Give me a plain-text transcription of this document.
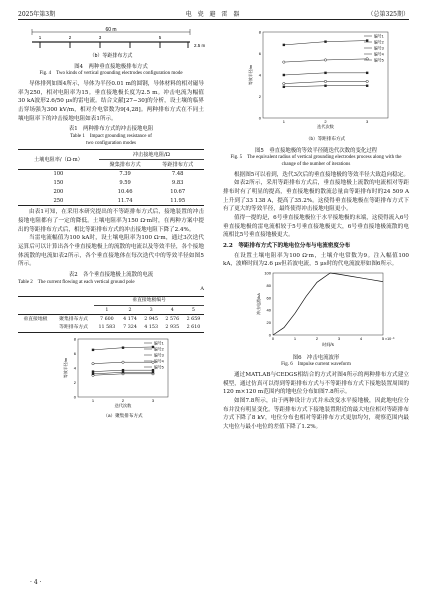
2025年第3期	电 瓷 避 雷 器	（总第325期）
60 m
1	2	3	5
2.5 m
（b）等距排布方式
图4　两种垂直接地极排布方式
Fig. 4　Two kinds of vertical grounding electrodes configuration mode

导体排列如图4所示，导体为半径0.01 m的圆钢，导体材料的相对磁导率为250，相对电阻率为15。垂直接地极长度为2.5 m。冲击电流为幅值30 kA波形2.6/50 μs的雷电流。结合文献[27−30]的分析，设土壤的临界击穿场强为300 kV/m，相对介电常数为9[4,28]。两种排布方式在不同土壤电阻率下的冲击接地电阻如表1所示。

表1　两种排布方式的冲击接地电阻
Table 1　Impact grounding resistance of
two configuration modes
土壤电阻率/（Ω·m）	冲击接地电阻/Ω	
	聚集排布方式	等距排布方式
100	7.39	7.48
150	9.59	9.83
200	10.46	10.67
250	11.74	11.95

由表1可知，在采用本研究提出的不等距排布方式后，接地装置的冲击接地电阻都有了一定的降低。土壤电阻率为150 Ω·m时，在两种方案中提出的等距排布方式后，相比等距排布方式的冲击接地电阻下降了2.4%。

当雷电流幅值为100 kA时，设土壤电阻率为100 Ω·m，通过3次迭代运算后可以计算出各个垂直接地极上的流散的电流以及等效半径，各个接地体流散的电流如表2所示，各个垂直接地体在每次迭代中的等效半径如图5所示。

表2　各个垂直接地极上流散的电流
Table 2　The current flowing at each vertical ground pole
A
		垂直接地极编号				
		1	2	3	4	5
垂直接地极	聚集排布方式	7 600	4 174	2 945	2 576	2 659
	等距排布方式	11 583	7 324	4 153	2 935	2 610
0
2
4
6
8
1	2	3
等效半径/m
迭代次数
编号1
编号2
编号3
编号4
编号5
（a）聚集排布方式
0
2
4
6
8
1	2	3
等效半径/m
迭代次数
编号1
编号2
编号3
编号4
编号5
（b）等距排布方式
图5　垂直接地极的等效半径随迭代次数的变化过程
Fig. 5　The equivalent radius of vertical grounding electrodes process along with the change of the number of iterations

根据图5可以看到，迭代3次后的垂直接地极的等效半径大致趋向稳定。

如表2所示，采用等距排布方式后，垂直接地极上流散的电流相对等距排布时有了明显的提高，垂直接地极的散流总量由等距排布时的24 509 A上升到了33 138 A，提高了35.2%。这使得垂直接地极在等距排布方式下有了更大的等效半径，最终使得冲击接地电阻更小。

值得一提的是，6号垂直接地极位于水平接地极的末端，这使得流入6号垂直接地极的雷电流相较于5号垂直接地极更大，6号垂直接地极流散的电流相比5号垂直接地极更大。

2.2　等距排布方式下的地电位分布与电流密度分布

在设置土壤电阻率为100 Ω·m，土壤介电常数为9。注入幅值100 kA，波峰时间为2.6 μs但若波电流，5 μs时的代电流波形如图6所示。

0
20
40
60
80
100
0	1	2	3	4	5 ×10⁻⁶
冲击电流/kA
时间/s
图6　冲击电流波形
Fig. 6　Impulse current waveform

通过MATLAB与CEDGS相结合的方式对图4所示的两种排布方式建立模型，通过仿真可以得到等距排布方式与不等距排布方式下接地装置周围的120 m×120 m范围内的地电位分布如图7.8所示。

如图7.8所示，由于两种设计方式并未改变水平接地极，因此地电位分布并没有明显变化。等距排布方式下接地装置附近的最大电位相对等距排布方式下降了8 kV，电位分布也相对等距排布方式更加均匀，观察范围内最大电位与最小电位的差值下降了1.2%。

· 4 ·
